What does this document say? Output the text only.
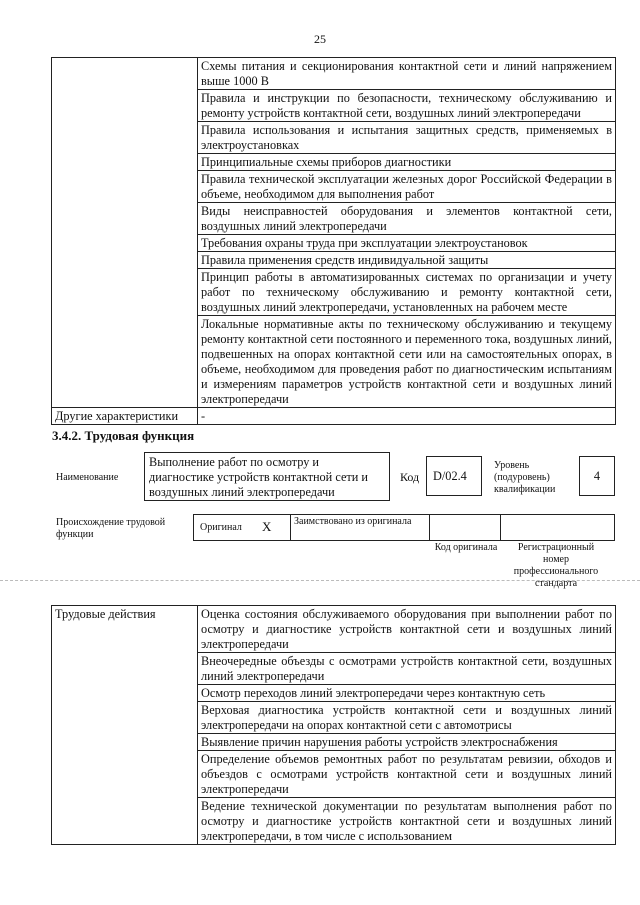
25
	Схемы питания и секционирования контактной сети и линий напряжением выше 1000 В
	Правила и инструкции по безопасности, техническому обслуживанию и ремонту устройств контактной сети, воздушных линий электропередачи
	Правила использования и испытания защитных средств, применяемых в электроустановках
	Принципиальные схемы приборов диагностики
	Правила технической эксплуатации железных дорог Российской Федерации в объеме, необходимом для выполнения работ
	Виды неисправностей оборудования и элементов контактной сети, воздушных линий электропередачи
	Требования охраны труда при эксплуатации электроустановок
	Правила применения средств индивидуальной защиты
	Принцип работы в автоматизированных системах по организации и учету работ по техническому обслуживанию и ремонту контактной сети, воздушных линий электропередачи, установленных на рабочем месте
	Локальные нормативные акты по техническому обслуживанию и текущему ремонту контактной сети постоянного и переменного тока, воздушных линий, подвешенных на опорах контактной сети или на самостоятельных опорах, в объеме, необходимом для проведения работ по диагностическим испытаниям и измерениям параметров устройств контактной сети и воздушных линий электропередачи
Другие характеристики	-
3.4.2. Трудовая функция
Наименование
Выполнение работ по осмотру и диагностике устройств контактной сети и воздушных линий электропередачи
Код	D/02.4
Уровень (подуровень) квалификации
4
Происхождение трудовой функции
Оригинал X Заимствовано из оригинала
Код оригинала	Регистрационный номер профессионального стандарта
Трудовые действия	Оценка состояния обслуживаемого оборудования при выполнении работ по осмотру и диагностике устройств контактной сети и воздушных линий электропередачи
Внеочередные объезды с осмотрами устройств контактной сети, воздушных линий электропередачи
Осмотр переходов линий электропередачи через контактную сеть
Верховая диагностика устройств контактной сети и воздушных линий электропередачи на опорах контактной сети с автомотрисы
Выявление причин нарушения работы устройств электроснабжения
Определение объемов ремонтных работ по результатам ревизии, обходов и объездов с осмотрами устройств контактной сети и воздушных линий электропередачи
Ведение технической документации по результатам выполнения работ по осмотру и диагностике устройств контактной сети и воздушных линий электропередачи, в том числе с использованием
